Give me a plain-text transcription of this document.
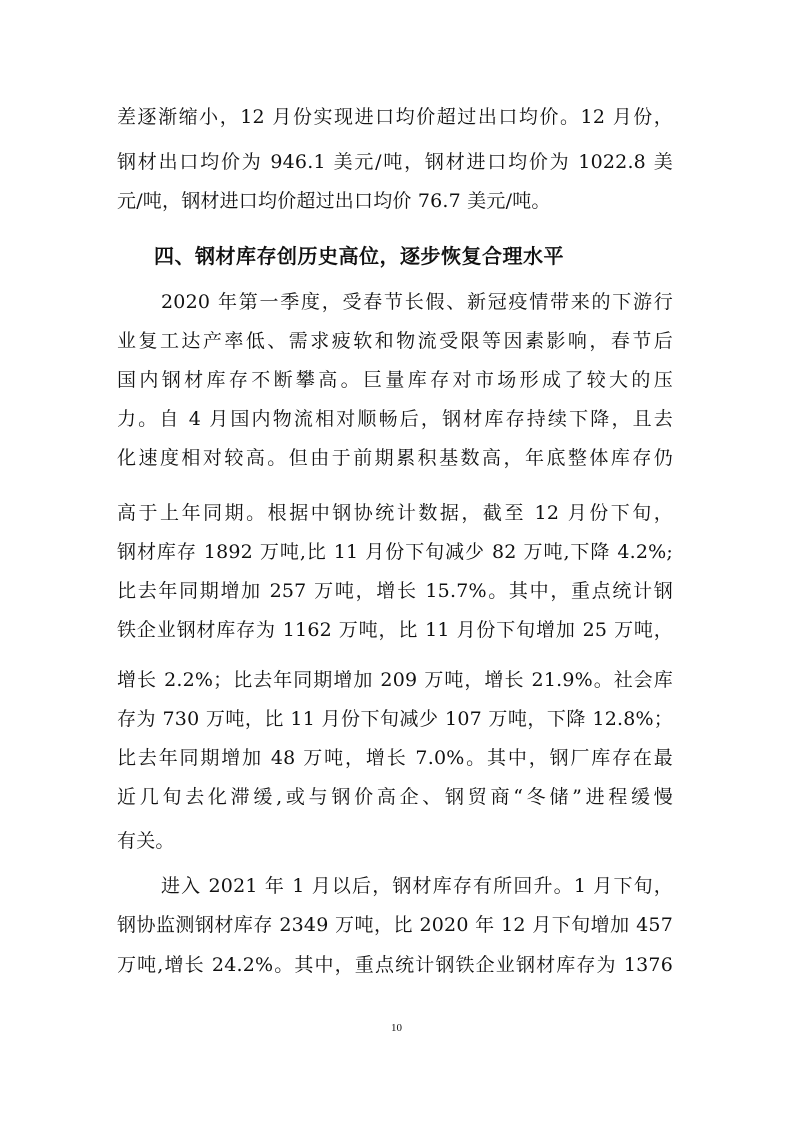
差逐渐缩小，12 月份实现进口均价超过出口均价。12 月份，
钢材出口均价为 946.1 美元/吨，钢材进口均价为 1022.8 美
元/吨，钢材进口均价超过出口均价 76.7 美元/吨。
四、钢材库存创历史高位，逐步恢复合理水平
2020 年第一季度，受春节长假、新冠疫情带来的下游行
业复工达产率低、需求疲软和物流受限等因素影响，春节后
国内钢材库存不断攀高。巨量库存对市场形成了较大的压
力。自 4 月国内物流相对顺畅后，钢材库存持续下降，且去
化速度相对较高。但由于前期累积基数高，年底整体库存仍
高于上年同期。根据中钢协统计数据，截至 12 月份下旬，
钢材库存 1892 万吨,比 11 月份下旬减少 82 万吨,下降 4.2%;
比去年同期增加 257 万吨，增长 15.7%。其中，重点统计钢
铁企业钢材库存为 1162 万吨，比 11 月份下旬增加 25 万吨，
增长 2.2%；比去年同期增加 209 万吨，增长 21.9%。社会库
存为 730 万吨，比 11 月份下旬减少 107 万吨，下降 12.8%；
比去年同期增加 48 万吨，增长 7.0%。其中，钢厂库存在最
近几旬去化滞缓,或与钢价高企、钢贸商“冬储”进程缓慢
有关。
进入 2021 年 1 月以后，钢材库存有所回升。1 月下旬，
钢协监测钢材库存 2349 万吨，比 2020 年 12 月下旬增加 457
万吨,增长 24.2%。其中，重点统计钢铁企业钢材库存为 1376
10
